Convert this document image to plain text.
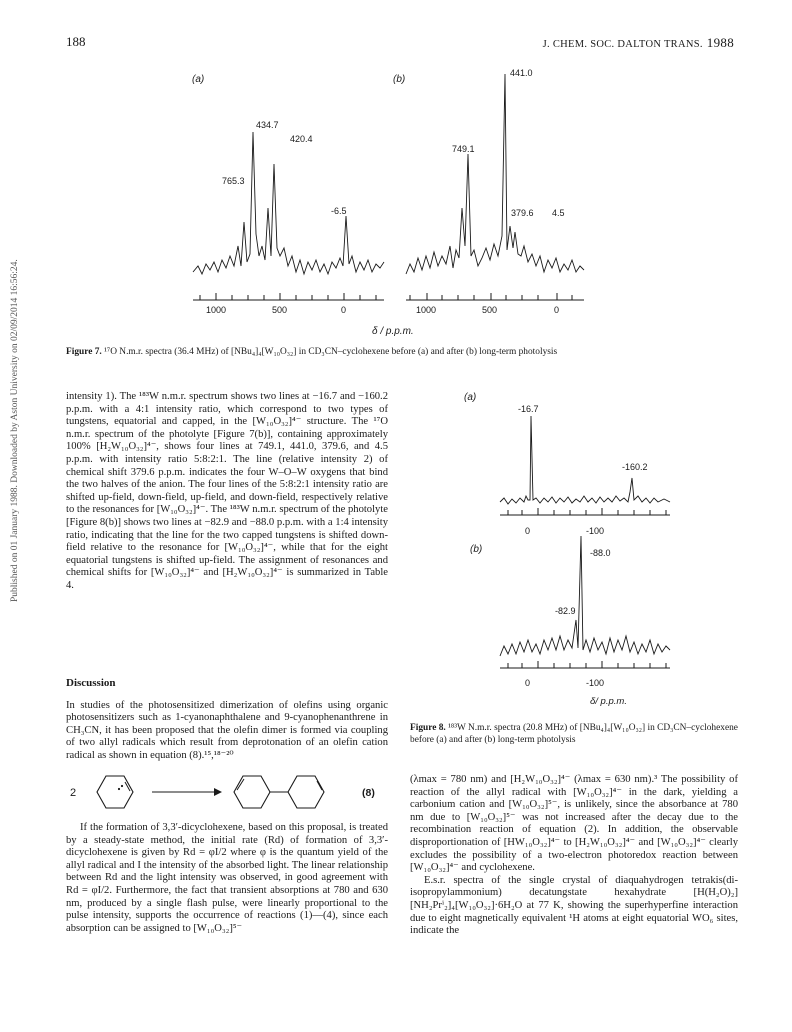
Published on 01 January 1988. Downloaded by Aston University on 02/09/2014 16:56:24.
188	J. CHEM. SOC. DALTON TRANS. 1988
(a)	(b)
1000	500	0
434.7
420.4
765.3
-6.5
1000	500	0
441.0
749.1
379.6 4.5
δ / p.p.m.
Figure 7. ¹⁷O N.m.r. spectra (36.4 MHz) of [NBu₄]₄[W₁₀O₃₂] in CD₃CN–cyclohexene before (a) and after (b) long-term photolysis

intensity 1). The ¹⁸³W n.m.r. spectrum shows two lines at −16.7 and −160.2 p.p.m. with a 4:1 intensity ratio, which correspond to two types of tungstens, equatorial and capped, in the [W₁₀O₃₂]⁴⁻ structure. The ¹⁷O n.m.r. spectrum of the photolyte [Figure 7(b)], containing approximately 100% [H₂W₁₀O₃₂]⁴⁻, shows four lines at 749.1, 441.0, 379.6, and 4.5 p.p.m. with intensity ratio 5:8:2:1. The line (relative intensity 2) of chemical shift 379.6 p.p.m. indicates the four W–O–W oxygens that bind the two halves of the anion. The four lines of the 5:8:2:1 intensity ratio are shifted up-field, down-field, up-field, and down-field, respectively relative to the resonances for [W₁₀O₃₂]⁴⁻. The ¹⁸³W n.m.r. spectrum of the photolyte [Figure 8(b)] shows two lines at −82.9 and −88.0 p.p.m. with a 1:4 intensity ratio, indicating that the line for the two capped tungstens is shifted down-field relative to the resonance for [W₁₀O₃₂]⁴⁻, while that for the eight equatorial tungstens is shifted up-field. The assignment of resonances and chemical shifts for [W₁₀O₃₂]⁴⁻ and [H₂W₁₀O₃₂]⁴⁻ is summarized in Table 4.

Discussion

In studies of the photosensitized dimerization of olefins using organic photosensitizers such as 1-cyanonaphthalene and 9-cyanophenanthrene in CH₃CN, it has been proposed that the olefin dimer is formed via coupling of two allyl radicals which result from deprotonation of an olefin cation radical as shown in equation (8).¹⁵,¹⁸⁻²⁰

2	(8)
If the formation of 3,3′-dicyclohexene, based on this proposal, is treated by a steady-state method, the initial rate (Rd) of formation of 3,3′-dicyclohexene is given by Rd = φI/2 where φ is the quantum yield of the allyl radical and I the intensity of the absorbed light. The linear relationship between Rd and the light intensity was observed, in good agreement with Rd = φI/2. Furthermore, the fact that transient absorptions at 780 and 630 nm, produced by a single flash pulse, were linearly proportional to the pulse intensity, supports the occurrence of reactions (1)—(4), since each absorption can be assigned to [W₁₀O₃₂]⁵⁻
(a)
-16.7
-160.2
0	-100
(b)	-88.0
-82.9
0	-100
δ/ p.p.m.
Figure 8. ¹⁸³W N.m.r. spectra (20.8 MHz) of [NBu₄]₄[W₁₀O₃₂] in CD₃CN–cyclohexene before (a) and after (b) long-term photolysis

(λmax = 780 nm) and [H₂W₁₀O₃₂]⁴⁻ (λmax = 630 nm).³ The possibility of reaction of the allyl radical with [W₁₀O₃₂]⁴⁻ in the dark, yielding a carbonium cation and [W₁₀O₃₂]⁵⁻, is unlikely, since the absorbance at 780 nm due to [W₁₀O₃₂]⁵⁻ was not increased after the decay due to the recombination reaction of equation (2). In addition, the observable disproportionation of [HW₁₀O₃₂]⁴⁻ to [H₂W₁₀O₃₂]⁴⁻ and [W₁₀O₃₂]⁴⁻ clearly excludes the possibility of a two-electron photoredox reaction between [W₁₀O₃₂]⁴⁻ and cyclohexene.

E.s.r. spectra of the single crystal of diaquahydrogen tetrakis(di-isopropylammonium) decatungstate hexahydrate [H(H₂O)₂][NH₂Prⁱ₂]₄[W₁₀O₃₂]·6H₂O at 77 K, showing the superhyperfine interaction due to eight magnetically equivalent ¹H atoms at eight equatorial WO₆ sites, indicate the
